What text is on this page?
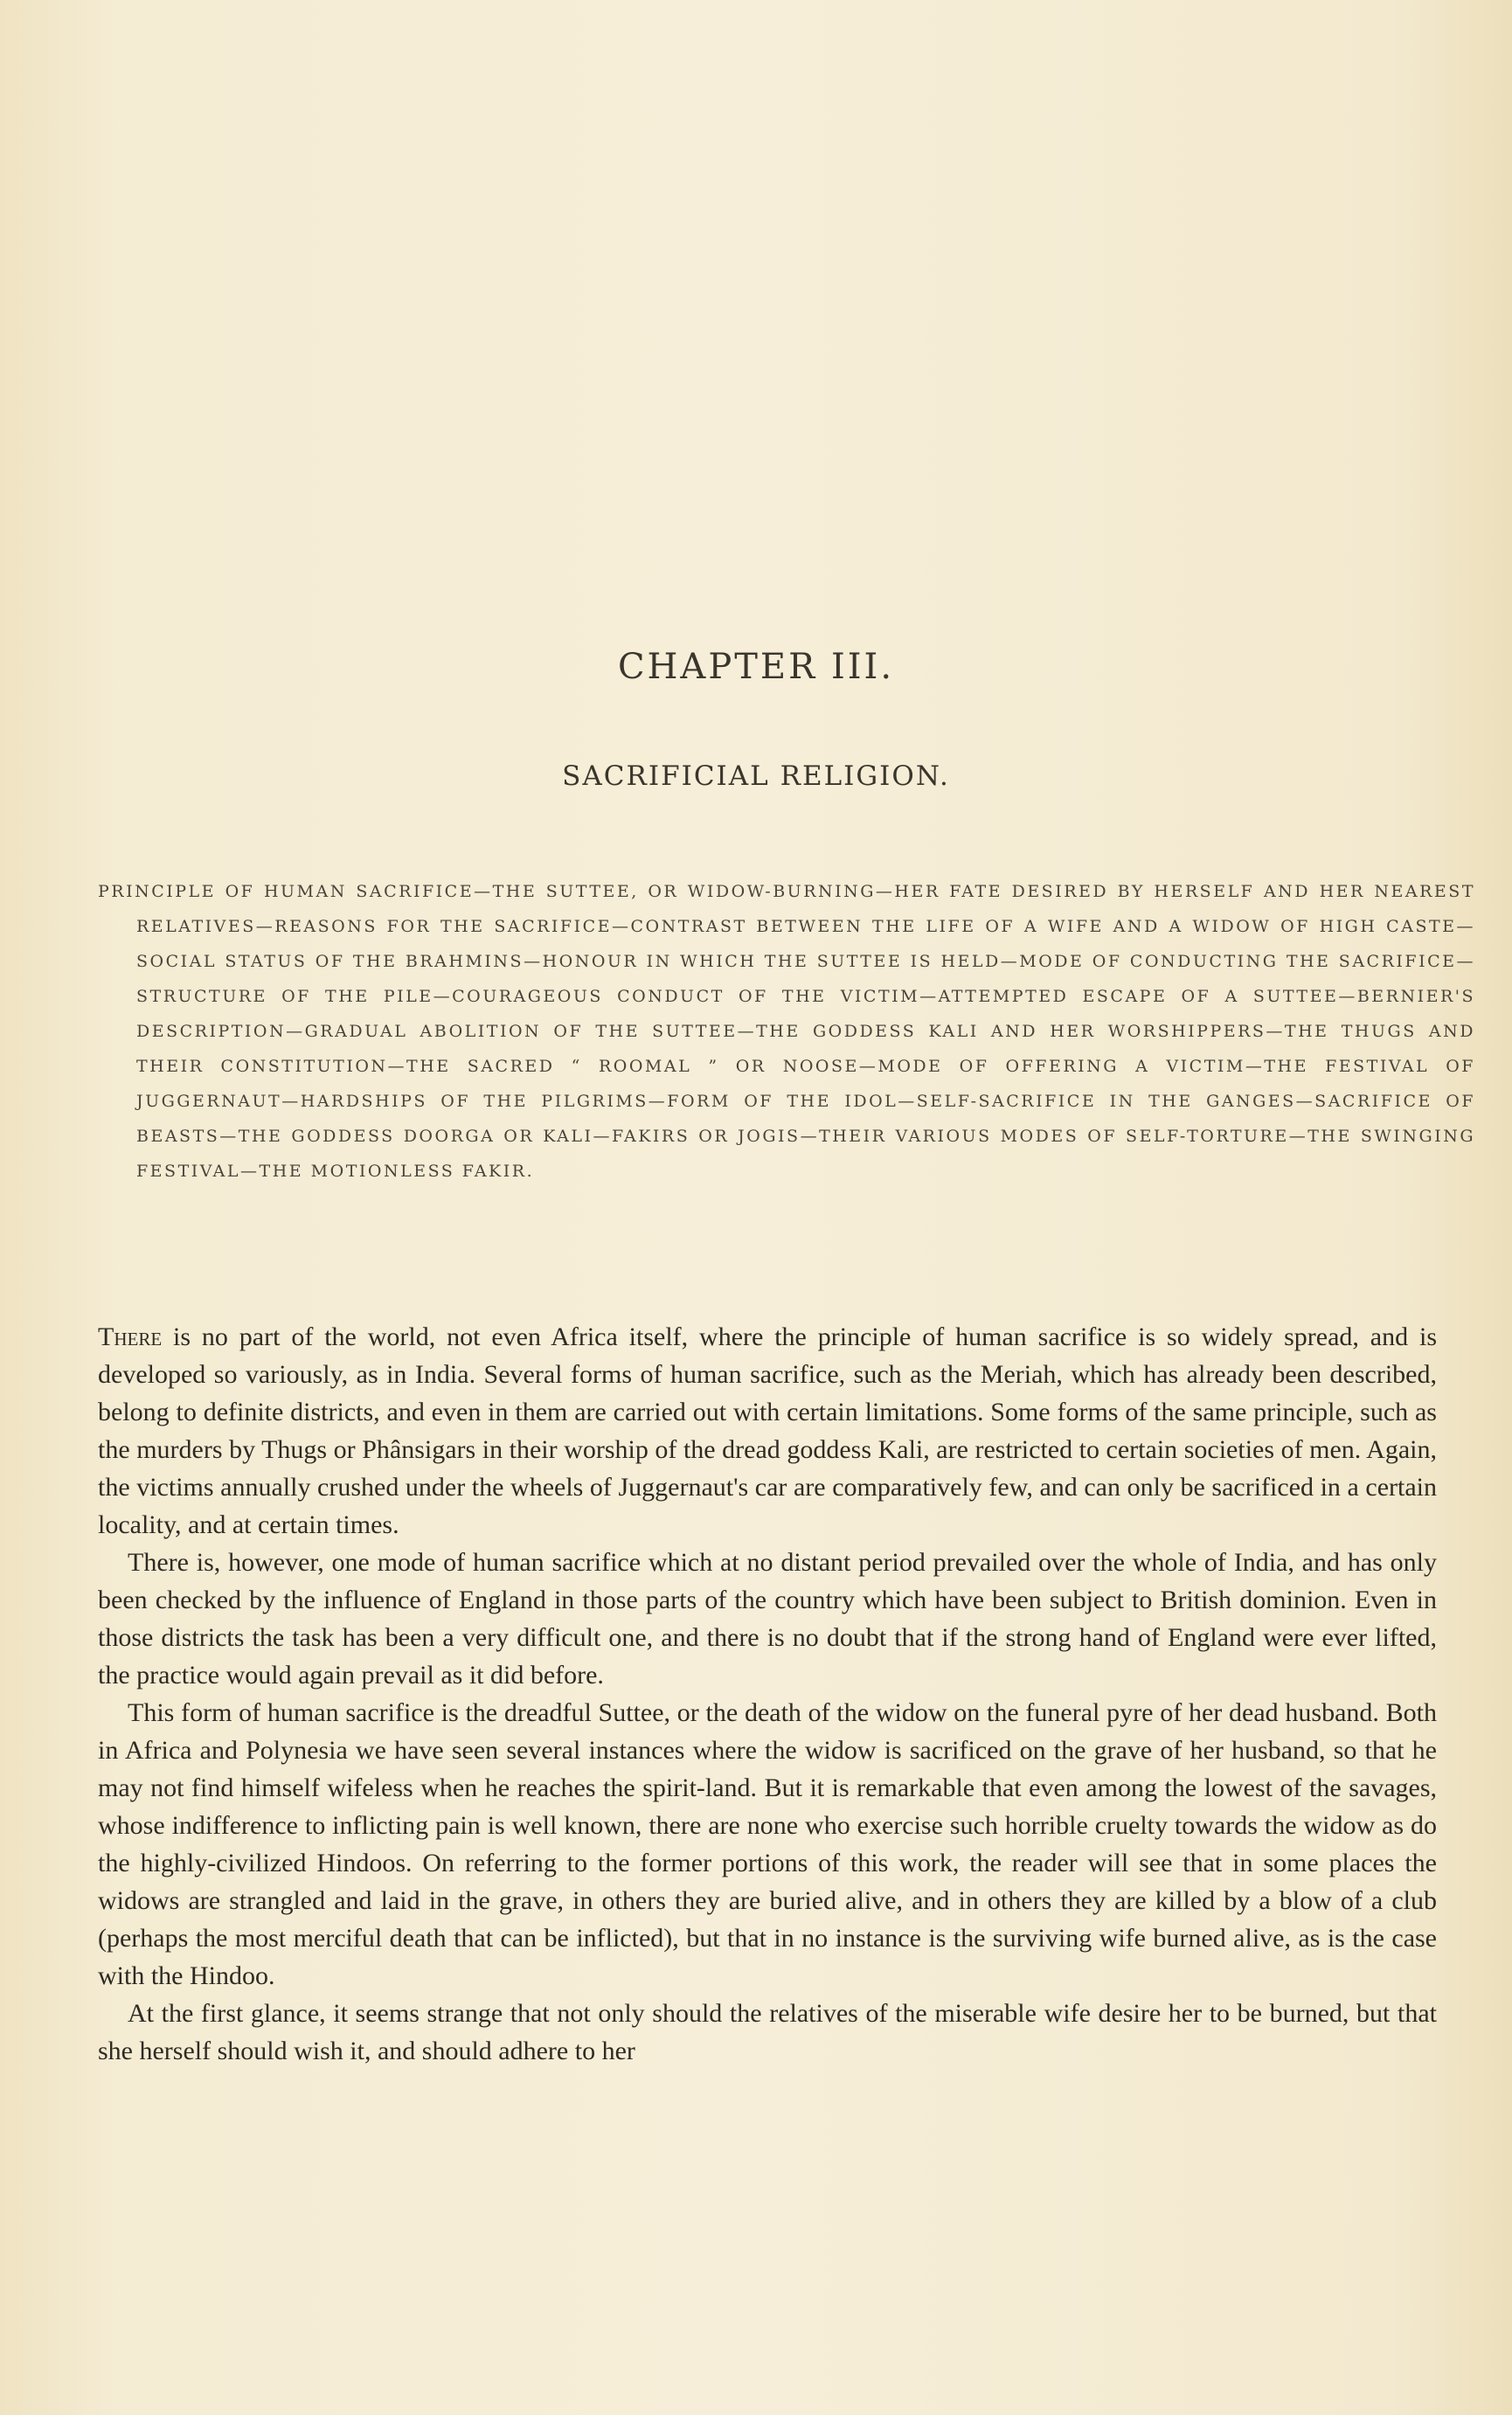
CHAPTER III.
SACRIFICIAL RELIGION.

PRINCIPLE OF HUMAN SACRIFICE—THE SUTTEE, OR WIDOW-BURNING—HER FATE DESIRED BY HERSELF AND HER NEAREST RELATIVES—REASONS FOR THE SACRIFICE—CONTRAST BETWEEN THE LIFE OF A WIFE AND A WIDOW OF HIGH CASTE—SOCIAL STATUS OF THE BRAHMINS—HONOUR IN WHICH THE SUTTEE IS HELD—MODE OF CONDUCTING THE SACRIFICE—STRUCTURE OF THE PILE—COURAGEOUS CONDUCT OF THE VICTIM—ATTEMPTED ESCAPE OF A SUTTEE—BERNIER'S DESCRIPTION—GRADUAL ABOLITION OF THE SUTTEE—THE GODDESS KALI AND HER WORSHIPPERS—THE THUGS AND THEIR CONSTITUTION—THE SACRED “ ROOMAL ” OR NOOSE—MODE OF OFFERING A VICTIM—THE FESTIVAL OF JUGGERNAUT—HARDSHIPS OF THE PILGRIMS—FORM OF THE IDOL—SELF-SACRIFICE IN THE GANGES—SACRIFICE OF BEASTS—THE GODDESS DOORGA OR KALI—FAKIRS OR JOGIS—THEIR VARIOUS MODES OF SELF-TORTURE—THE SWINGING FESTIVAL—THE MOTIONLESS FAKIR.

There is no part of the world, not even Africa itself, where the principle of human sacrifice is so widely spread, and is developed so variously, as in India. Several forms of human sacrifice, such as the Meriah, which has already been described, belong to definite districts, and even in them are carried out with certain limitations. Some forms of the same principle, such as the murders by Thugs or Phânsigars in their worship of the dread goddess Kali, are restricted to certain societies of men. Again, the victims annually crushed under the wheels of Juggernaut's car are comparatively few, and can only be sacrificed in a certain locality, and at certain times.

There is, however, one mode of human sacrifice which at no distant period prevailed over the whole of India, and has only been checked by the influence of England in those parts of the country which have been subject to British dominion. Even in those districts the task has been a very difficult one, and there is no doubt that if the strong hand of England were ever lifted, the practice would again prevail as it did before.

This form of human sacrifice is the dreadful Suttee, or the death of the widow on the funeral pyre of her dead husband. Both in Africa and Polynesia we have seen several instances where the widow is sacrificed on the grave of her husband, so that he may not find himself wifeless when he reaches the spirit-land. But it is remarkable that even among the lowest of the savages, whose indifference to inflicting pain is well known, there are none who exercise such horrible cruelty towards the widow as do the highly-civilized Hindoos. On referring to the former portions of this work, the reader will see that in some places the widows are strangled and laid in the grave, in others they are buried alive, and in others they are killed by a blow of a club (perhaps the most merciful death that can be inflicted), but that in no instance is the surviving wife burned alive, as is the case with the Hindoo.

At the first glance, it seems strange that not only should the relatives of the miserable wife desire her to be burned, but that she herself should wish it, and should adhere to her
